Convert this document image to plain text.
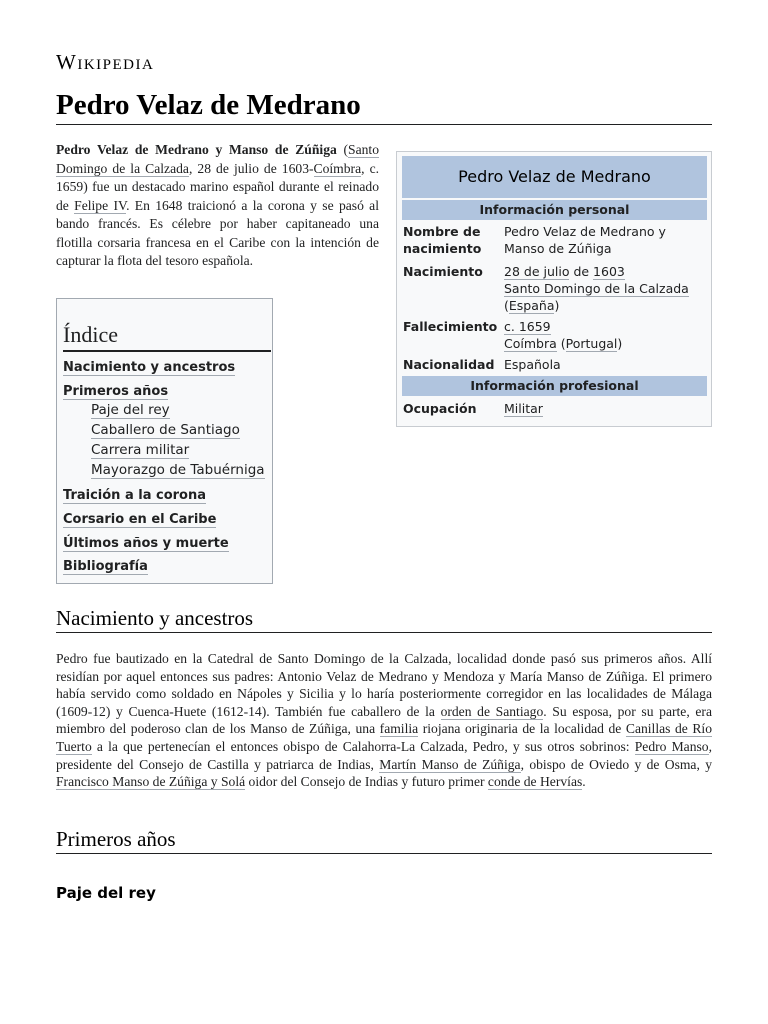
Wikipedia
Pedro Velaz de Medrano

Pedro Velaz de Medrano y Manso de Zúñiga (Santo Domingo de la Calzada, 28 de julio de 1603-Coímbra, c. 1659) fue un destacado marino español durante el reinado de Felipe IV. En 1648 traicionó a la corona y se pasó al bando francés. Es célebre por haber capitaneado una flotilla corsaria francesa en el Caribe con la intención de capturar la flota del tesoro española.

Índice
Nacimiento y ancestros
Primeros años
Paje del rey
Caballero de Santiago
Carrera militar
Mayorazgo de Tabuérniga
Traición a la corona
Corsario en el Caribe
Últimos años y muerte
Bibliografía
Pedro Velaz de Medrano
Información personal
Nombre de nacimiento
Pedro Velaz de Medrano y Manso de Zúñiga
Nacimiento	28 de julio de 1603
Santo Domingo de la Calzada
(España)
Fallecimiento c. 1659
Coímbra (Portugal)
Nacionalidad Española
Información profesional
Ocupación	Militar
Nacimiento y ancestros

Pedro fue bautizado en la Catedral de Santo Domingo de la Calzada, localidad donde pasó sus primeros años. Allí residían por aquel entonces sus padres: Antonio Velaz de Medrano y Mendoza y María Manso de Zúñiga. El primero había servido como soldado en Nápoles y Sicilia y lo haría posteriormente corregidor en las localidades de Málaga (1609-12) y Cuenca-Huete (1612-14). También fue caballero de la orden de Santiago. Su esposa, por su parte, era miembro del poderoso clan de los Manso de Zúñiga, una familia riojana originaria de la localidad de Canillas de Río Tuerto a la que pertenecían el entonces obispo de Calahorra-La Calzada, Pedro, y sus otros sobrinos: Pedro Manso, presidente del Consejo de Castilla y patriarca de Indias, Martín Manso de Zúñiga, obispo de Oviedo y de Osma, y Francisco Manso de Zúñiga y Solá oidor del Consejo de Indias y futuro primer conde de Hervías.

Primeros años
Paje del rey
